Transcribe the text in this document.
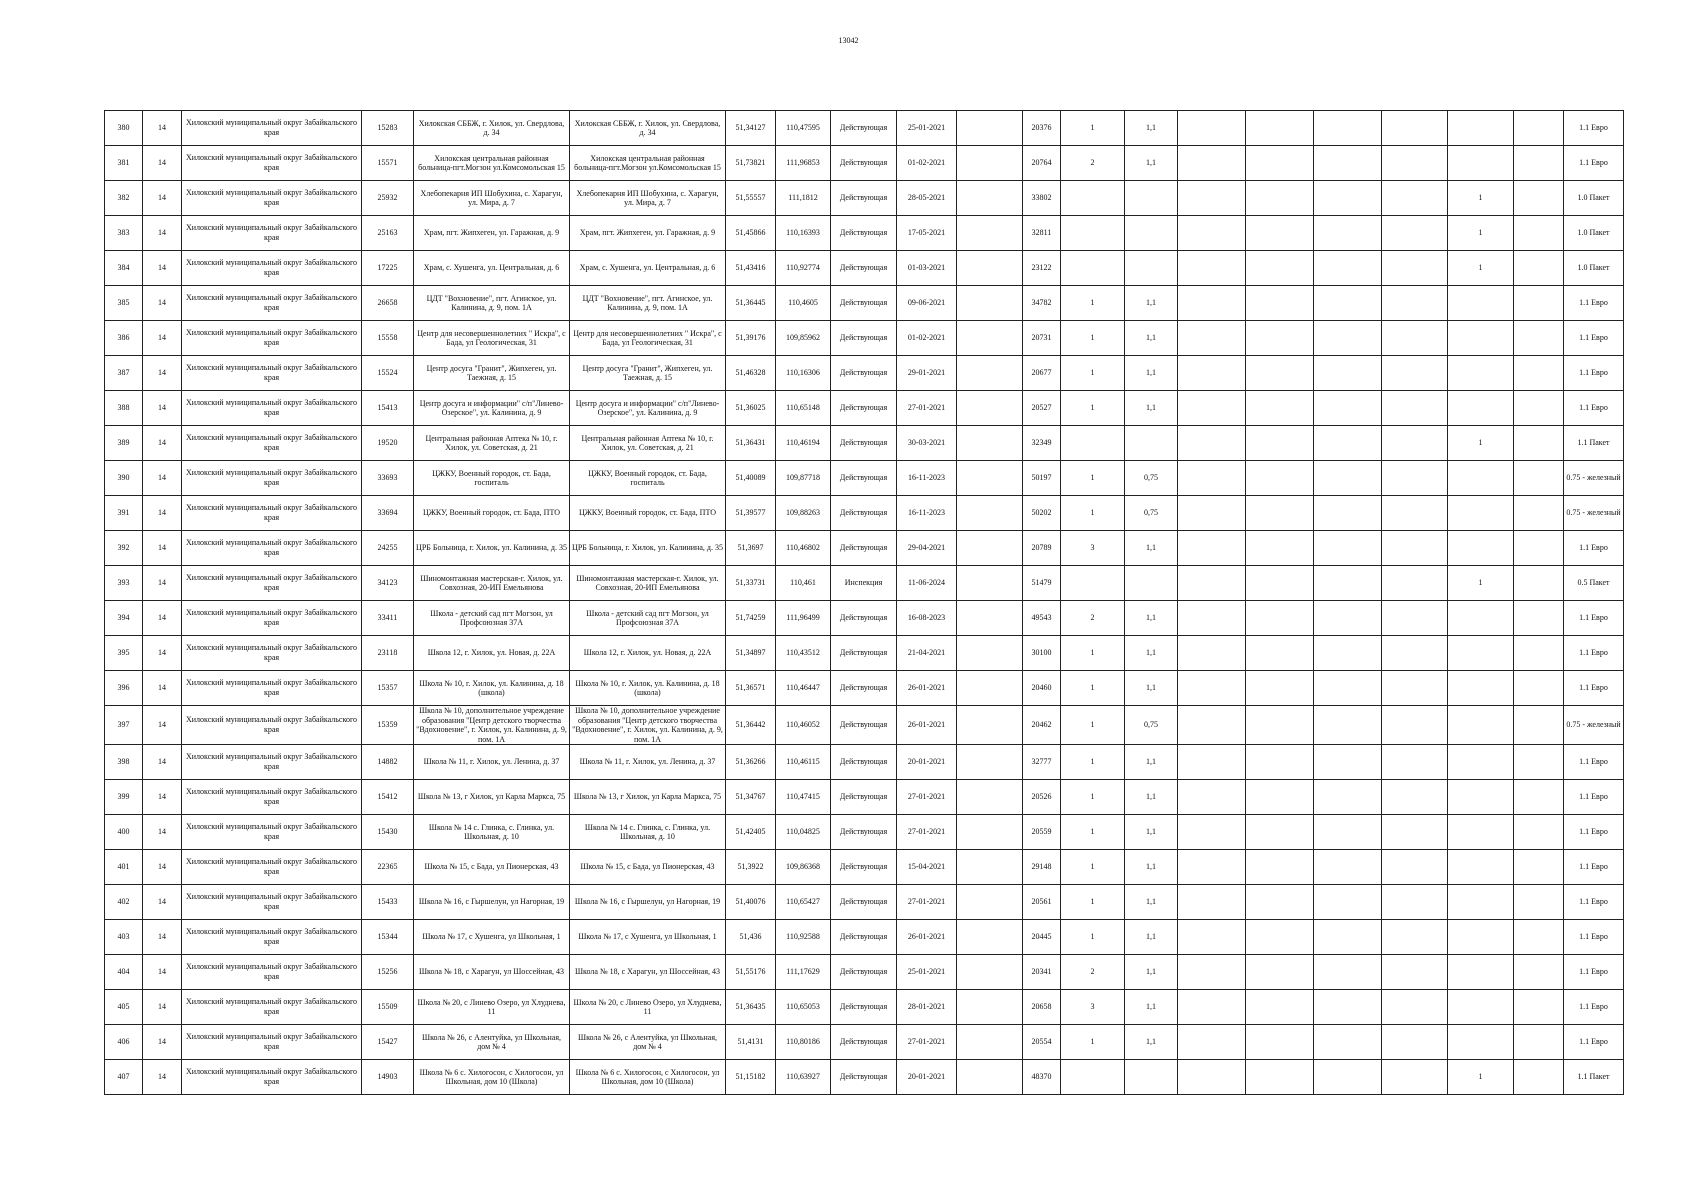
13042
380	14	Хилокский муниципальный округ Забайкальского края	15283	Хилокская СББЖ, г. Хилок, ул. Свердлова, д. 34	Хилокская СББЖ, г. Хилок, ул. Свердлова, д. 34	51,34127	110,47595	Действующая	25-01-2021		20376	1	1,1							1.1 Евро
381	14	Хилокский муниципальный округ Забайкальского края	15571	Хилокская центральная районная больница-пгт.Могзон ул.Комсомольская 15	Хилокская центральная районная больница-пгт.Могзон ул.Комсомольская 15	51,73821	111,96853	Действующая	01-02-2021		20764	2	1,1							1.1 Евро
382	14	Хилокский муниципальный округ Забайкальского края	25932	Хлебопекарня ИП Шобухина, с. Харагун, ул. Мира, д. 7	Хлебопекарня ИП Шобухина, с. Харагун, ул. Мира, д. 7	51,55557	111,1812	Действующая	28-05-2021		33802							1		1.0 Пакет
383	14	Хилокский муниципальный округ Забайкальского края	25163	Храм, пгт. Жипхеген, ул. Гаражная, д. 9	Храм, пгт. Жипхеген, ул. Гаражная, д. 9	51,45866	110,16393	Действующая	17-05-2021		32811							1		1.0 Пакет
384	14	Хилокский муниципальный округ Забайкальского края	17225	Храм, с. Хушенга, ул. Центральная, д. 6	Храм, с. Хушенга, ул. Центральная, д. 6	51,43416	110,92774	Действующая	01-03-2021		23122							1		1.0 Пакет
385	14	Хилокский муниципальный округ Забайкальского края	26658	ЦДТ "Вохновение", пгт. Агинское, ул. Калинина, д. 9, пом. 1А	ЦДТ "Вохновение", пгт. Агинское, ул. Калинина, д. 9, пом. 1А	51,36445	110,4605	Действующая	09-06-2021		34782	1	1,1							1.1 Евро
386	14	Хилокский муниципальный округ Забайкальского края	15558	Центр для несовершеннолетних " Искра", с Бада, ул Геологическая, 31	Центр для несовершеннолетних " Искра", с Бада, ул Геологическая, 31	51,39176	109,85962	Действующая	01-02-2021		20731	1	1,1							1.1 Евро
387	14	Хилокский муниципальный округ Забайкальского края	15524	Центр досуга "Гранит", Жипхеген, ул. Таежная, д. 15	Центр досуга "Гранит", Жипхеген, ул. Таежная, д. 15	51,46328	110,16306	Действующая	29-01-2021		20677	1	1,1							1.1 Евро
388	14	Хилокский муниципальный округ Забайкальского края	15413	Центр досуга и информации" с/п"Линево-Озерское", ул. Калинина, д. 9	Центр досуга и информации" с/п"Линево-Озерское", ул. Калинина, д. 9	51,36025	110,65148	Действующая	27-01-2021		20527	1	1,1							1.1 Евро
389	14	Хилокский муниципальный округ Забайкальского края	19520	Центральная районная Аптека № 10, г. Хилок, ул. Советская, д. 21	Центральная районная Аптека № 10, г. Хилок, ул. Советская, д. 21	51,36431	110,46194	Действующая	30-03-2021		32349							1		1.1 Пакет
390	14	Хилокский муниципальный округ Забайкальского края	33693	ЦЖКУ, Военный городок, ст. Бада, госпиталь	ЦЖКУ, Военный городок, ст. Бада, госпиталь	51,40089	109,87718	Действующая	16-11-2023		50197	1	0,75							0.75 - железный
391	14	Хилокский муниципальный округ Забайкальского края	33694	ЦЖКУ, Военный городок, ст. Бада, ПТО	ЦЖКУ, Военный городок, ст. Бада, ПТО	51,39577	109,88263	Действующая	16-11-2023		50202	1	0,75							0.75 - железный
392	14	Хилокский муниципальный округ Забайкальского края	24255	ЦРБ Больница, г. Хилок, ул. Калинина, д. 35	ЦРБ Больница, г. Хилок, ул. Калинина, д. 35	51,3697	110,46802	Действующая	29-04-2021		20789	3	1,1							1.1 Евро
393	14	Хилокский муниципальный округ Забайкальского края	34123	Шиномонтажная мастерская-г. Хилок, ул. Совхозная, 20-ИП Емельянова	Шиномонтажная мастерская-г. Хилок, ул. Совхозная, 20-ИП Емельянова	51,33731	110,461	Инспекция	11-06-2024		51479							1		0.5 Пакет
394	14	Хилокский муниципальный округ Забайкальского края	33411	Школа - детский сад пгт Могзон, ул Профсоюзная 37А	Школа - детский сад пгт Могзон, ул Профсоюзная 37А	51,74259	111,96499	Действующая	16-08-2023		49543	2	1,1							1.1 Евро
395	14	Хилокский муниципальный округ Забайкальского края	23118	Школа 12, г. Хилок, ул. Новая, д. 22А	Школа 12, г. Хилок, ул. Новая, д. 22А	51,34897	110,43512	Действующая	21-04-2021		30100	1	1,1							1.1 Евро
396	14	Хилокский муниципальный округ Забайкальского края	15357	Школа № 10, г. Хилок, ул. Калинина, д. 18 (школа)	Школа № 10, г. Хилок, ул. Калинина, д. 18 (школа)	51,36571	110,46447	Действующая	26-01-2021		20460	1	1,1							1.1 Евро
397	14	Хилокский муниципальный округ Забайкальского края	15359	Школа № 10, дополнительное учреждение образования "Центр детского творчества "Вдохновение", г. Хилок, ул. Калинина, д. 9, пом. 1А	Школа № 10, дополнительное учреждение образования "Центр детского творчества "Вдохновение", г. Хилок, ул. Калинина, д. 9, пом. 1А	51,36442	110,46052	Действующая	26-01-2021		20462	1	0,75							0.75 - железный
398	14	Хилокский муниципальный округ Забайкальского края	14882	Школа № 11, г. Хилок, ул. Ленина, д. 37	Школа № 11, г. Хилок, ул. Ленина, д. 37	51,36266	110,46115	Действующая	20-01-2021		32777	1	1,1							1.1 Евро
399	14	Хилокский муниципальный округ Забайкальского края	15412	Школа № 13, г Хилок, ул Карла Маркса, 75	Школа № 13, г Хилок, ул Карла Маркса, 75	51,34767	110,47415	Действующая	27-01-2021		20526	1	1,1							1.1 Евро
400	14	Хилокский муниципальный округ Забайкальского края	15430	Школа № 14 с. Глинка, с. Глинка, ул. Школьная, д. 10	Школа № 14 с. Глинка, с. Глинка, ул. Школьная, д. 10	51,42405	110,04825	Действующая	27-01-2021		20559	1	1,1							1.1 Евро
401	14	Хилокский муниципальный округ Забайкальского края	22365	Школа № 15, с Бада, ул Пионерская, 43	Школа № 15, с Бада, ул Пионерская, 43	51,3922	109,86368	Действующая	15-04-2021		29148	1	1,1							1.1 Евро
402	14	Хилокский муниципальный округ Забайкальского края	15433	Школа № 16, с Гыршелун, ул Нагорная, 19	Школа № 16, с Гыршелун, ул Нагорная, 19	51,40076	110,65427	Действующая	27-01-2021		20561	1	1,1							1.1 Евро
403	14	Хилокский муниципальный округ Забайкальского края	15344	Школа № 17, с Хушенга, ул Школьная, 1	Школа № 17, с Хушенга, ул Школьная, 1	51,436	110,92588	Действующая	26-01-2021		20445	1	1,1							1.1 Евро
404	14	Хилокский муниципальный округ Забайкальского края	15256	Школа № 18, с Харагун, ул Шоссейная, 43	Школа № 18, с Харагун, ул Шоссейная, 43	51,55176	111,17629	Действующая	25-01-2021		20341	2	1,1							1.1 Евро
405	14	Хилокский муниципальный округ Забайкальского края	15509	Школа № 20, с Линево Озеро, ул Хлуднева, 11	Школа № 20, с Линево Озеро, ул Хлуднева, 11	51,36435	110,65053	Действующая	28-01-2021		20658	3	1,1							1.1 Евро
406	14	Хилокский муниципальный округ Забайкальского края	15427	Школа № 26, с Алентуйка, ул Школьная, дом № 4	Школа № 26, с Алентуйка, ул Школьная, дом № 4	51,4131	110,80186	Действующая	27-01-2021		20554	1	1,1							1.1 Евро
407	14	Хилокский муниципальный округ Забайкальского края	14903	Школа № 6 с. Хилогосон, с Хилогосон, ул Школьная, дом 10 (Школа)	Школа № 6 с. Хилогосон, с Хилогосон, ул Школьная, дом 10 (Школа)	51,15182	110,63927	Действующая	20-01-2021		48370							1		1.1 Пакет
